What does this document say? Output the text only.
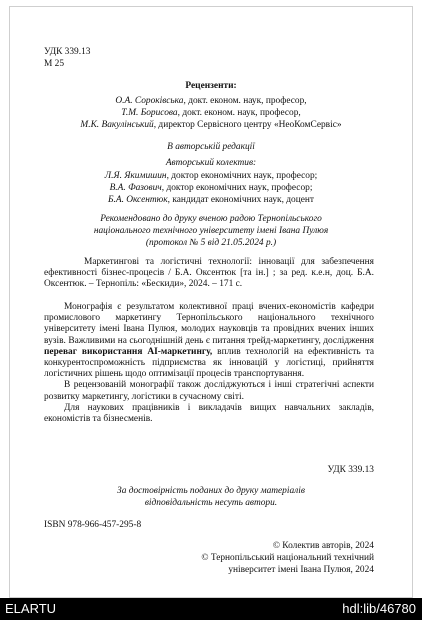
УДК 339.13
М 25
Рецензенти:
О.А. Сороківська, докт. економ. наук, професор,
Т.М. Борисова, докт. економ. наук, професор,
М.К. Вакулінський, директор Сервісного центру «НеоКомСервіс»
В авторській редакції
Авторський колектив:
Л.Я. Якимишин, доктор економічних наук, професор;
В.А. Фазович, доктор економічних наук, професор;
Б.А. Оксентюк, кандидат економічних наук, доцент
Рекомендовано до друку вченою радою Тернопільського
національного технічного університету імені Івана Пулюя
(протокол № 5 від 21.05.2024 р.)

Маркетингові та логістичні технології: інновації для забезпечення ефективності бізнес-процесів / Б.А. Оксентюк [та ін.] ; за ред. к.е.н, доц. Б.А. Оксентюк. – Тернопіль: «Бескиди», 2024. – 171 с.

Монографія є результатом колективної праці вчених-економістів кафедри промислового маркетингу Тернопільського національного технічного університету імені Івана Пулюя, молодих науковців та провідних вчених інших вузів. Важливими на сьогоднішній день є питання трейд-маркетингу, дослідження переваг використання AI-маркетингу, вплив технологій на ефективність та конкурентоспроможність підприємства як інновацій у логістиці, прийняття логістичних рішень щодо оптимізації процесів транспортування.

В рецензованій монографії також досліджуються і інші стратегічні аспекти розвитку маркетингу, логістики в сучасному світі.

Для наукових працівників і викладачів вищих навчальних закладів, економістів та бізнесменів.

УДК 339.13
За достовірність поданих до друку матеріалів
відповідальність несуть автори.
ISBN 978-966-457-295-8
© Колектив авторів, 2024
© Тернопільський національний технічний
університет імені Івана Пулюя, 2024
ELARTU	hdl:lib/46780
